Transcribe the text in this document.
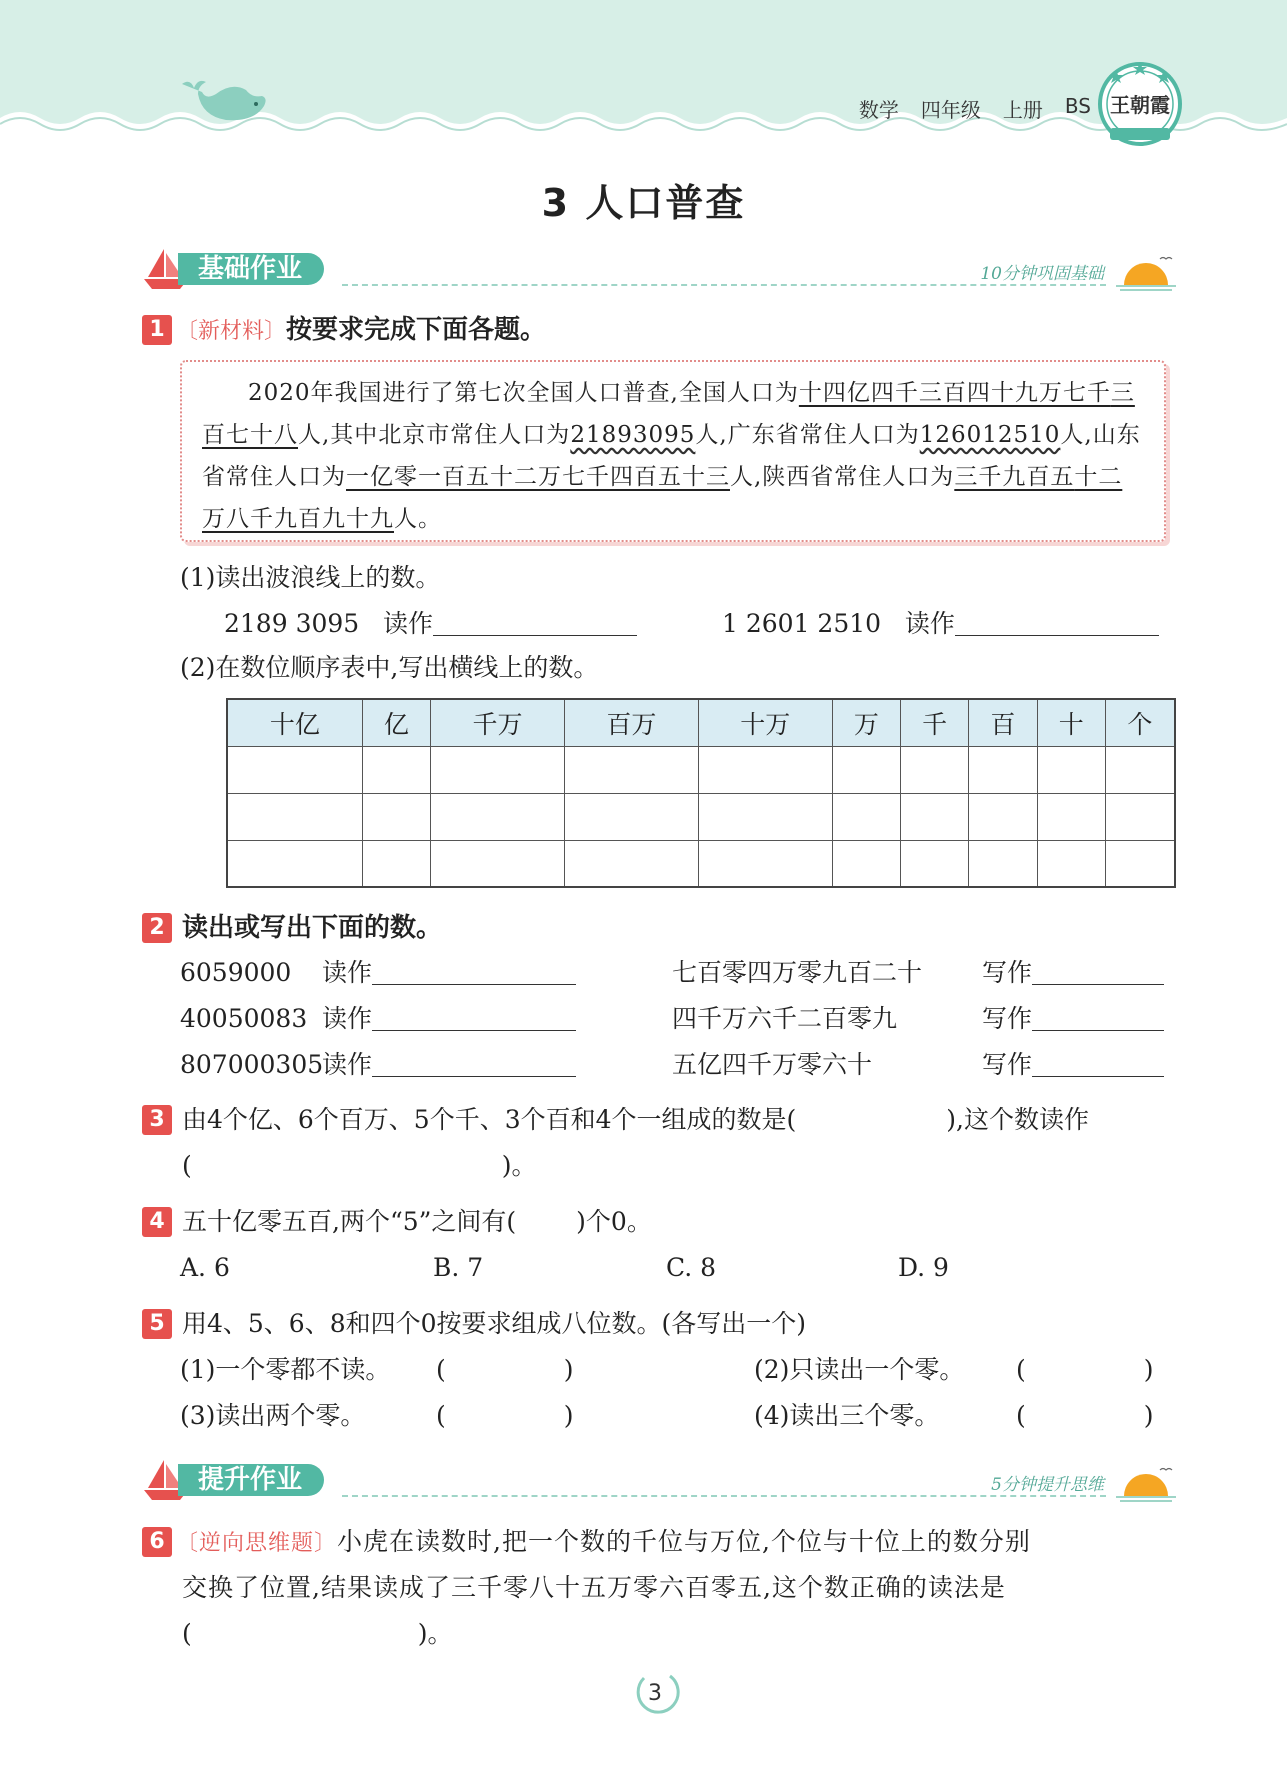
数学 四年级 上册 BS 王朝霞
3 人口普查
基础作业	10分钟巩固基础
1 〔新材料〕按要求完成下面各题。
2020年我国进行了第七次全国人口普查,全国人口为十四亿四千三百四十九万七千三百七十八人,其中北京市常住人口为21893095人,广东省常住人口为126012510人,山东省常住人口为一亿零一百五十二万七千四百五十三人,陕西省常住人口为三千九百五十二万八千九百九十九人。
(1)读出波浪线上的数。
2189 3095 读作	1 2601 2510 读作
(2)在数位顺序表中,写出横线上的数。
十亿	亿	千万	百万	十万	万	千	百	十	个

2 读出或写出下面的数。
6059000 读作	七百零四万零九百二十 写作
40050083 读作	四千万六千二百零九	写作
807000305读作	五亿四千万零六十	写作
3 由4个亿、6个百万、5个千、3个百和4个一组成的数是(	),这个数读作
(	)。
4 五十亿零五百,两个“5”之间有( )个0。
A. 6	B. 7	C. 8	D. 9
5 用4、5、6、8和四个0按要求组成八位数。(各写出一个)
(1)一个零都不读。 (	)	(2)只读出一个零。 (	)
(3)读出两个零。	(	)	(4)读出三个零。	(	)
提升作业	5分钟提升思维
6 〔逆向思维题〕小虎在读数时,把一个数的千位与万位,个位与十位上的数分别
交换了位置,结果读成了三千零八十五万零六百零五,这个数正确的读法是
(	)。
3
